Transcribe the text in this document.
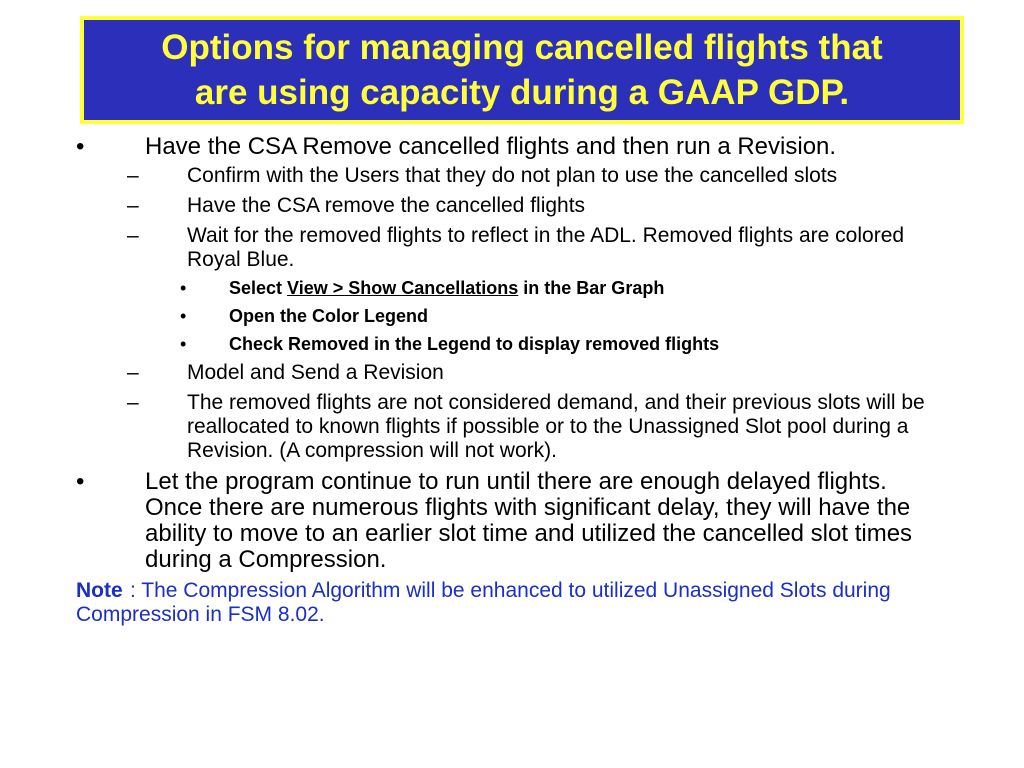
Options for managing cancelled flights that
are using capacity during a GAAP GDP.
•	Have the CSA Remove cancelled flights and then run a Revision.
– Confirm with the Users that they do not plan to use the cancelled slots
– Have the CSA remove the cancelled flights
– Wait for the removed flights to reflect in the ADL. Removed flights are colored Royal Blue.
• Select View > Show Cancellations in the Bar Graph
• Open the Color Legend
• Check Removed in the Legend to display removed flights
– Model and Send a Revision
– The removed flights are not considered demand, and their previous slots will be reallocated to known flights if possible or to the Unassigned Slot pool during a Revision. (A compression will not work).
•	Let the program continue to run until there are enough delayed flights. Once there are numerous flights with significant delay, they will have the ability to move to an earlier slot time and utilized the cancelled slot times during a Compression.
Note : The Compression Algorithm will be enhanced to utilized Unassigned Slots during Compression in FSM 8.02.
